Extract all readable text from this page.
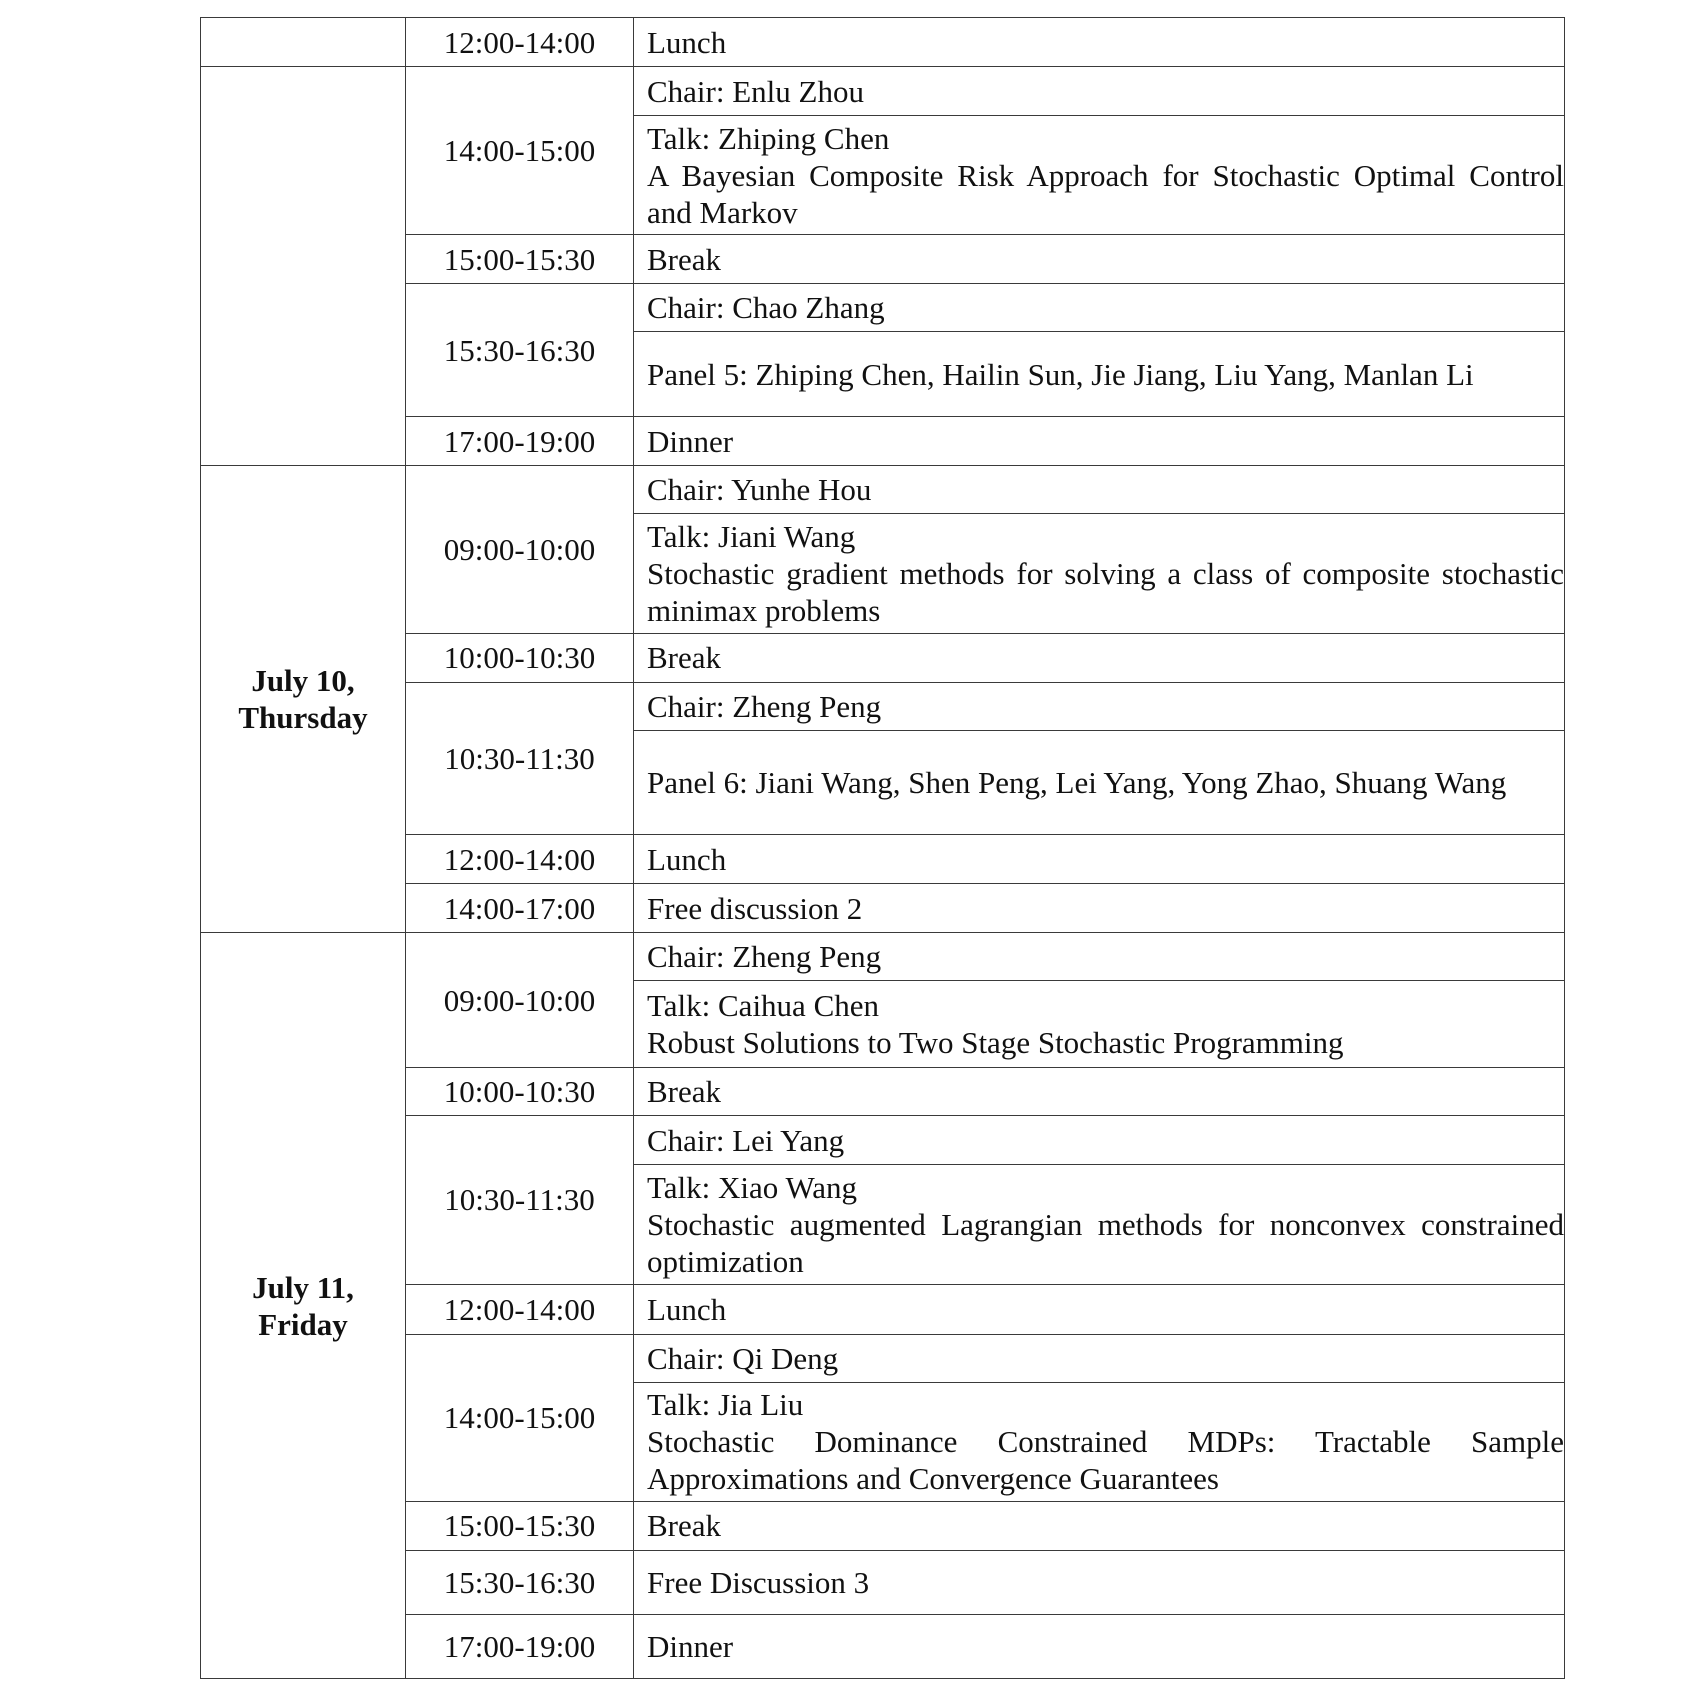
	12:00-14:00	Lunch
	14:00-15:00	Chair: Enlu Zhou
		Talk: Zhiping Chen
A Bayesian Composite Risk Approach for Stochastic Optimal Control and Markov

	15:00-15:30	Break
	15:30-16:30	Chair: Chao Zhang

		Panel 5: Zhiping Chen, Hailin Sun, Jie Jiang, Liu Yang, Manlan Li

	17:00-19:00	Dinner

July 10,
Thursday	09:00-10:00	Chair: Yunhe Hou
		Talk: Jiani Wang
Stochastic gradient methods for solving a class of composite stochastic minimax problems

	10:00-10:30	Break
	10:30-11:30	Chair: Zheng Peng

		Panel 6: Jiani Wang, Shen Peng, Lei Yang, Yong Zhao, Shuang Wang

	12:00-14:00	Lunch
	14:00-17:00	Free discussion 2

July 11,
Friday	09:00-10:00	Chair: Zheng Peng
		Talk: Caihua Chen
Robust Solutions to Two Stage Stochastic Programming

	10:00-10:30	Break
	10:30-11:30	Chair: Lei Yang
		Talk: Xiao Wang
Stochastic augmented Lagrangian methods for nonconvex constrained optimization

	12:00-14:00	Lunch
	14:00-15:00	Chair: Qi Deng
		Talk: Jia Liu
Stochastic Dominance Constrained MDPs: Tractable Sample Approximations and Convergence Guarantees

	15:00-15:30	Break
	15:30-16:30	Free Discussion 3
	17:00-19:00	Dinner
